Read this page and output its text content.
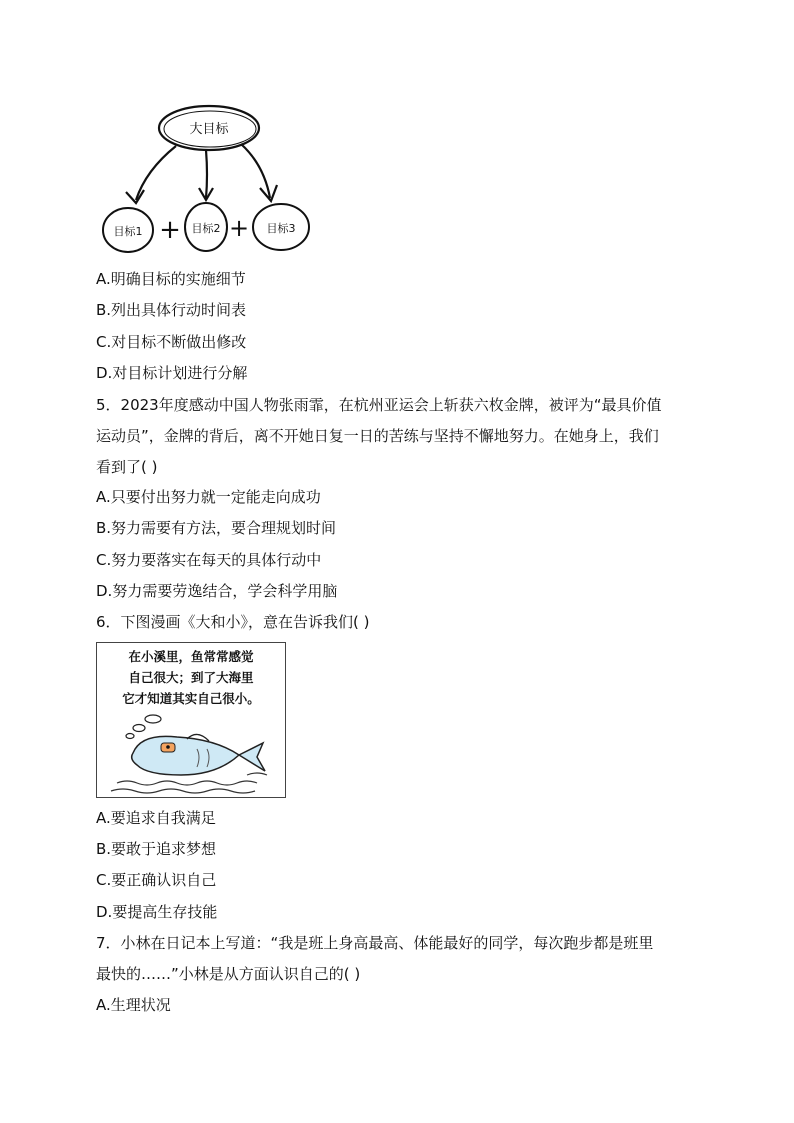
大目标
目标1 + 目标2 + 目标3
A.明确目标的实施细节
B.列出具体行动时间表
C.对目标不断做出修改
D.对目标计划进行分解
5．2023年度感动中国人物张雨霏，在杭州亚运会上斩获六枚金牌，被评为“最具价值
运动员”，金牌的背后，离不开她日复一日的苦练与坚持不懈地努力。在她身上，我们
看到了( )
A.只要付出努力就一定能走向成功
B.努力需要有方法，要合理规划时间
C.努力要落实在每天的具体行动中
D.努力需要劳逸结合，学会科学用脑
6．下图漫画《大和小》，意在告诉我们( )
在小溪里，鱼常常感觉
自己很大；到了大海里
它才知道其实自己很小。
A.要追求自我满足
B.要敢于追求梦想
C.要正确认识自己
D.要提高生存技能
7．小林在日记本上写道：“我是班上身高最高、体能最好的同学，每次跑步都是班里
最快的……”小林是从方面认识自己的( )
A.生理状况
